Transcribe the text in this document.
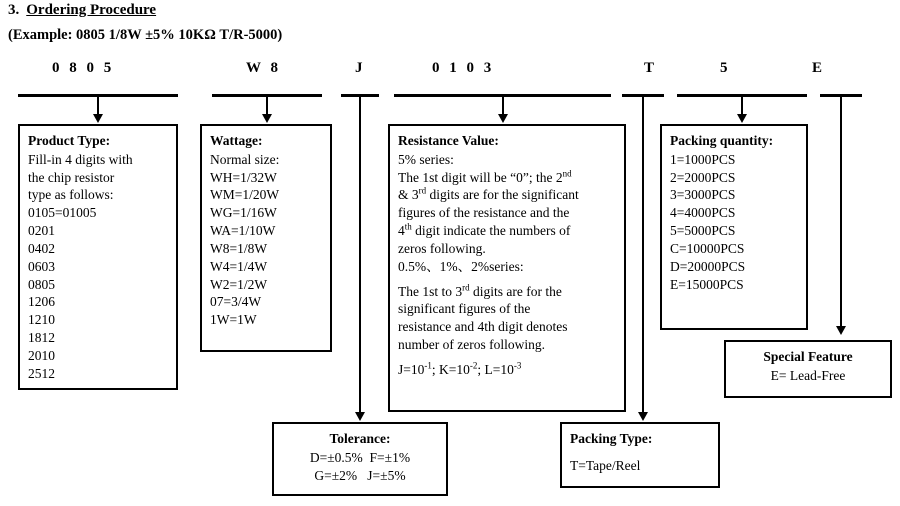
3. Ordering Procedure
(Example: 0805 1/8W ±5% 10KΩ T/R-5000)
0 8 0 5	W 8	J	0 1 0 3	T	5	E
Product Type:
Fill-in 4 digits with
the chip resistor
type as follows:
0105=01005
0201
0402
0603
0805
1206
1210
1812
2010
2512
Wattage:
Normal size:
WH=1/32W
WM=1/20W
WG=1/16W
WA=1/10W
W8=1/8W
W4=1/4W
W2=1/2W
07=3/4W
1W=1W
Resistance Value:
5% series:
The 1st digit will be “0”; the 2nd
& 3rd digits are for the significant
figures of the resistance and the
4th digit indicate the numbers of
zeros following.
0.5%、1%、2%series:
The 1st to 3rd digits are for the
significant figures of the
resistance and 4th digit denotes
number of zeros following.
$J=10^{-1}$; $K=10^{-2}$; $L=10^{-3}$
Packing quantity:
1=1000PCS
2=2000PCS
3=3000PCS
4=4000PCS
5=5000PCS
C=10000PCS
D=20000PCS
E=15000PCS
Special Feature
E= Lead-Free
Tolerance:
D=±0.5%  F=±1%
G=±2%   J=±5%
Packing Type:
T=Tape/Reel
